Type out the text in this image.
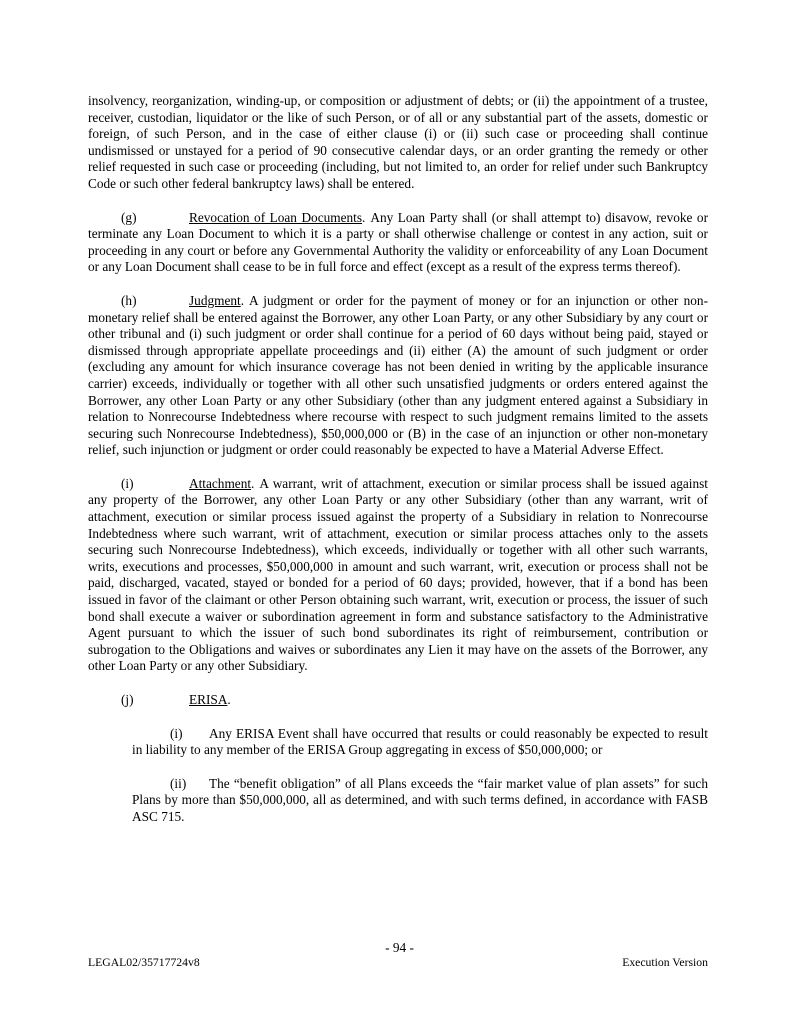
insolvency, reorganization, winding-up, or composition or adjustment of debts; or (ii) the appointment of a trustee, receiver, custodian, liquidator or the like of such Person, or of all or any substantial part of the assets, domestic or foreign, of such Person, and in the case of either clause (i) or (ii) such case or proceeding shall continue undismissed or unstayed for a period of 90 consecutive calendar days, or an order granting the remedy or other relief requested in such case or proceeding (including, but not limited to, an order for relief under such Bankruptcy Code or such other federal bankruptcy laws) shall be entered.

(g)	Revocation of Loan Documents. Any Loan Party shall (or shall attempt to) disavow, revoke or terminate any Loan Document to which it is a party or shall otherwise challenge or contest in any action, suit or proceeding in any court or before any Governmental Authority the validity or enforceability of any Loan Document or any Loan Document shall cease to be in full force and effect (except as a result of the express terms thereof).

(h)	Judgment. A judgment or order for the payment of money or for an injunction or other non-monetary relief shall be entered against the Borrower, any other Loan Party, or any other Subsidiary by any court or other tribunal and (i) such judgment or order shall continue for a period of 60 days without being paid, stayed or dismissed through appropriate appellate proceedings and (ii) either (A) the amount of such judgment or order (excluding any amount for which insurance coverage has not been denied in writing by the applicable insurance carrier) exceeds, individually or together with all other such unsatisfied judgments or orders entered against the Borrower, any other Loan Party or any other Subsidiary (other than any judgment entered against a Subsidiary in relation to Nonrecourse Indebtedness where recourse with respect to such judgment remains limited to the assets securing such Nonrecourse Indebtedness), $50,000,000 or (B) in the case of an injunction or other non-monetary relief, such injunction or judgment or order could reasonably be expected to have a Material Adverse Effect.

(i)	Attachment. A warrant, writ of attachment, execution or similar process shall be issued against any property of the Borrower, any other Loan Party or any other Subsidiary (other than any warrant, writ of attachment, execution or similar process issued against the property of a Subsidiary in relation to Nonrecourse Indebtedness where such warrant, writ of attachment, execution or similar process attaches only to the assets securing such Nonrecourse Indebtedness), which exceeds, individually or together with all other such warrants, writs, executions and processes, $50,000,000 in amount and such warrant, writ, execution or process shall not be paid, discharged, vacated, stayed or bonded for a period of 60 days; provided, however, that if a bond has been issued in favor of the claimant or other Person obtaining such warrant, writ, execution or process, the issuer of such bond shall execute a waiver or subordination agreement in form and substance satisfactory to the Administrative Agent pursuant to which the issuer of such bond subordinates its right of reimbursement, contribution or subrogation to the Obligations and waives or subordinates any Lien it may have on the assets of the Borrower, any other Loan Party or any other Subsidiary.

(j)	ERISA.

(i) Any ERISA Event shall have occurred that results or could reasonably be expected to result in liability to any member of the ERISA Group aggregating in excess of $50,000,000; or

(ii) The “benefit obligation” of all Plans exceeds the “fair market value of plan assets” for such Plans by more than $50,000,000, all as determined, and with such terms defined, in accordance with FASB ASC 715.

- 94 -
LEGAL02/35717724v8	Execution Version
